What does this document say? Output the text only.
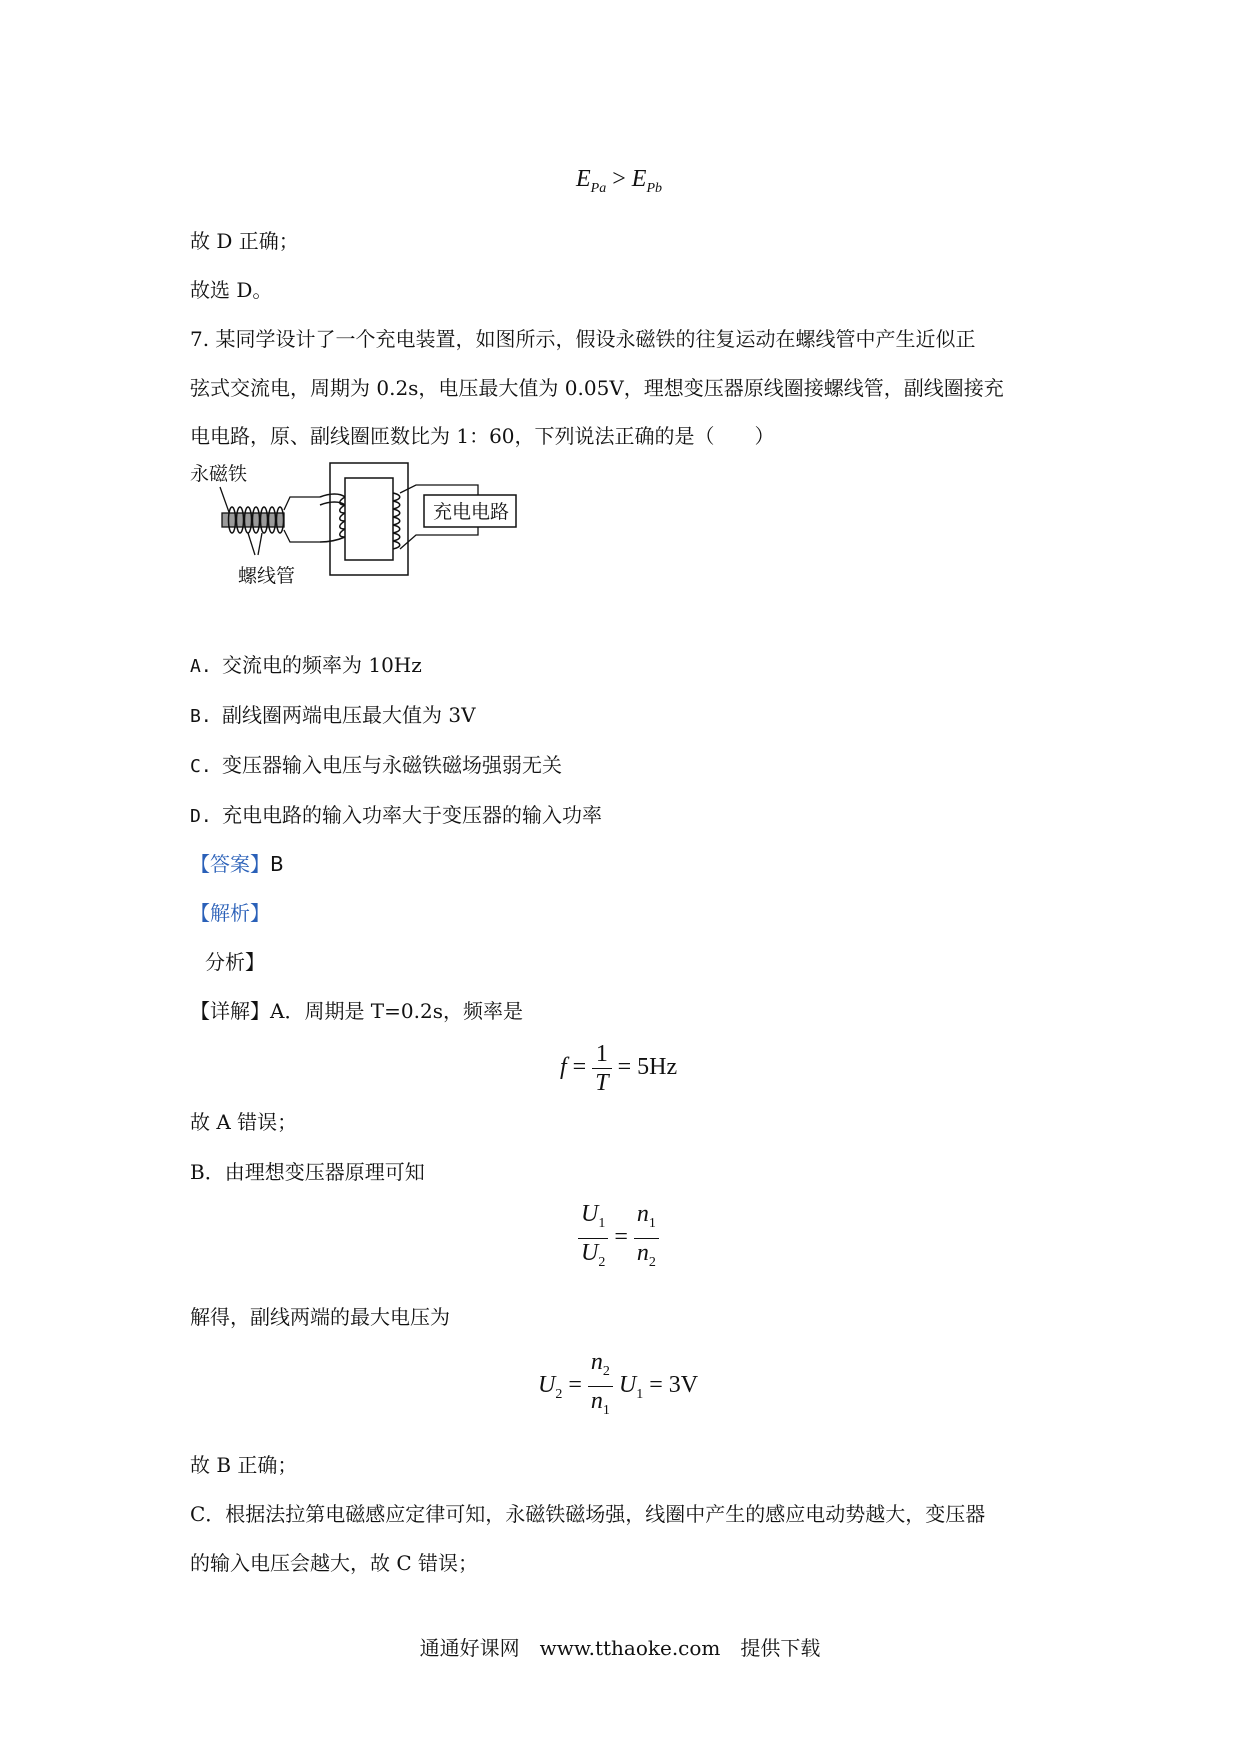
$E_{Pa} > E_{Pb}$
故 D 正确；
故选 D。
7. 某同学设计了一个充电装置，如图所示，假设永磁铁的往复运动在螺线管中产生近似正
弦式交流电，周期为 0.2s，电压最大值为 0.05V，理想变压器原线圈接螺线管，副线圈接充
电电路，原、副线圈匝数比为 1：60，下列说法正确的是（　　）
永磁铁
螺线管
充电电路
A. 交流电的频率为 10Hz
B. 副线圈两端电压最大值为 3V
C. 变压器输入电压与永磁铁磁场强弱无关
D. 充电电路的输入功率大于变压器的输入功率
【答案】B
【解析】
分析】
【详解】A．周期是 T=0.2s，频率是
$f = \frac{1}{T} = 5Hz$
故 A 错误；
B．由理想变压器原理可知
$\frac{U_1}{U_2} = \frac{n_1}{n_2}$
解得，副线两端的最大电压为
$U_2 = \frac{n_2}{n_1} U_1 = 3V$
故 B 正确；
C．根据法拉第电磁感应定律可知，永磁铁磁场强，线圈中产生的感应电动势越大，变压器
的输入电压会越大，故 C 错误；
通通好课网　www.tthaoke.com　提供下载
